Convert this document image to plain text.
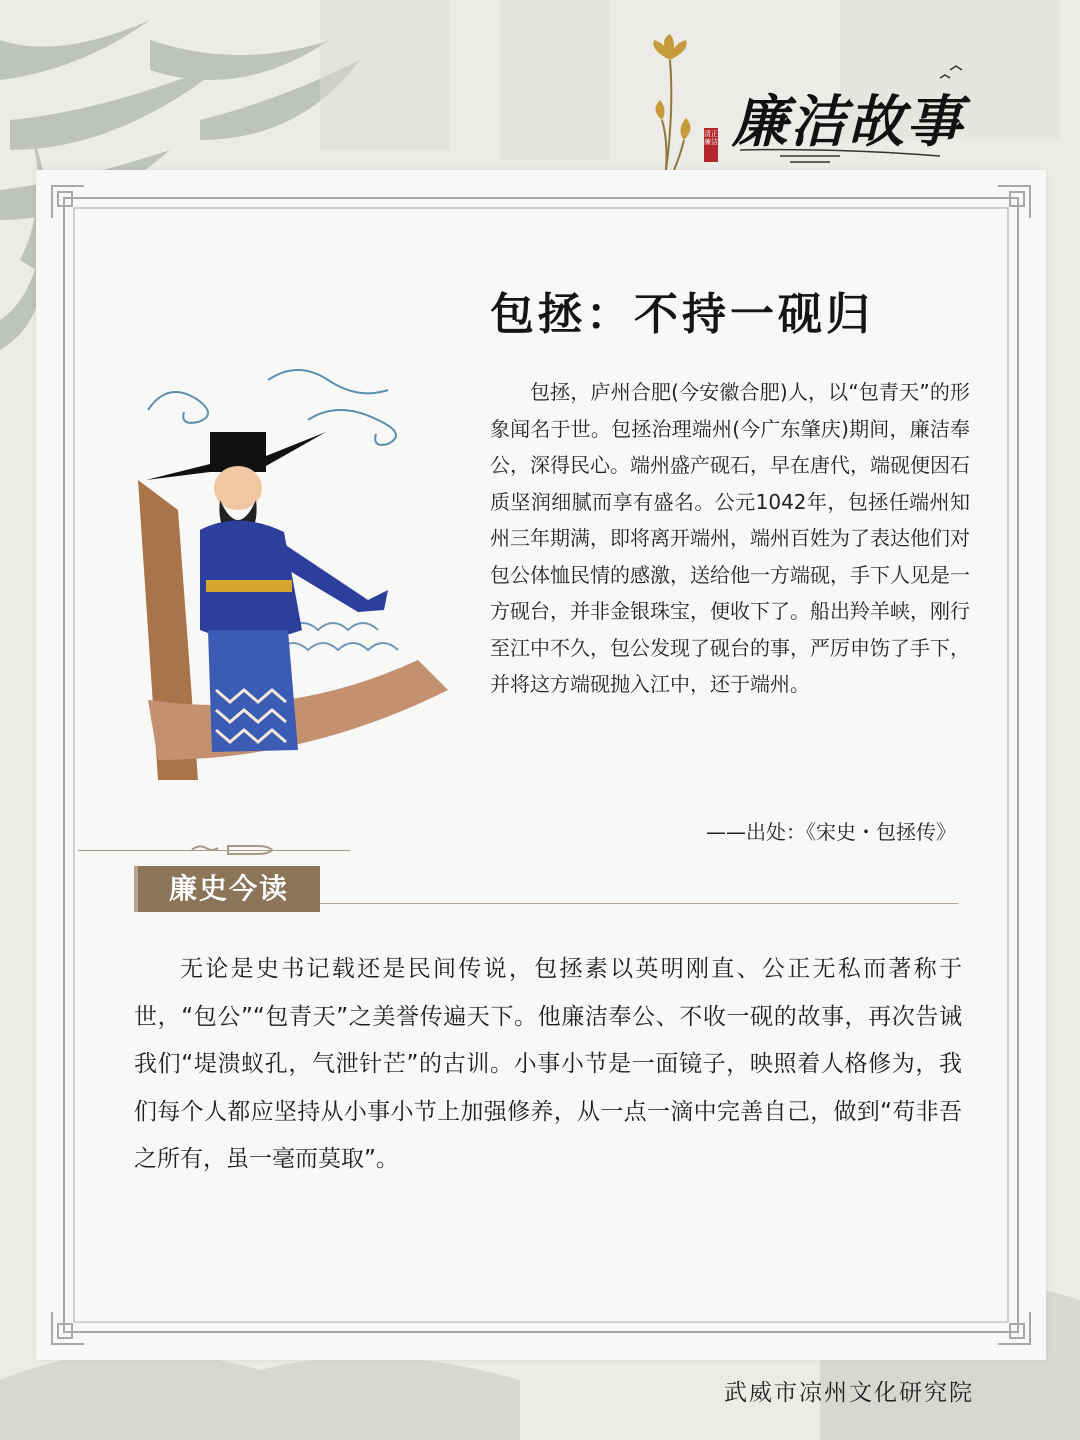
廉洁故事
清正廉洁
包拯：不持一砚归

包拯，庐州合肥(今安徽合肥)人，以“包青天”的形象闻名于世。包拯治理端州(今广东肇庆)期间，廉洁奉公，深得民心。端州盛产砚石，早在唐代，端砚便因石质坚润细腻而享有盛名。公元1042年，包拯任端州知州三年期满，即将离开端州，端州百姓为了表达他们对包公体恤民情的感激，送给他一方端砚，手下人见是一方砚台，并非金银珠宝，便收下了。船出羚羊峡，刚行至江中不久，包公发现了砚台的事，严厉申饬了手下，并将这方端砚抛入江中，还于端州。

——出处：《宋史・包拯传》
廉史今读

无论是史书记载还是民间传说，包拯素以英明刚直、公正无私而著称于世，“包公”“包青天”之美誉传遍天下。他廉洁奉公、不收一砚的故事，再次告诫我们“堤溃蚁孔，气泄针芒”的古训。小事小节是一面镜子，映照着人格修为，我们每个人都应坚持从小事小节上加强修养，从一点一滴中完善自己，做到“苟非吾之所有，虽一毫而莫取”。

武威市凉州文化研究院
